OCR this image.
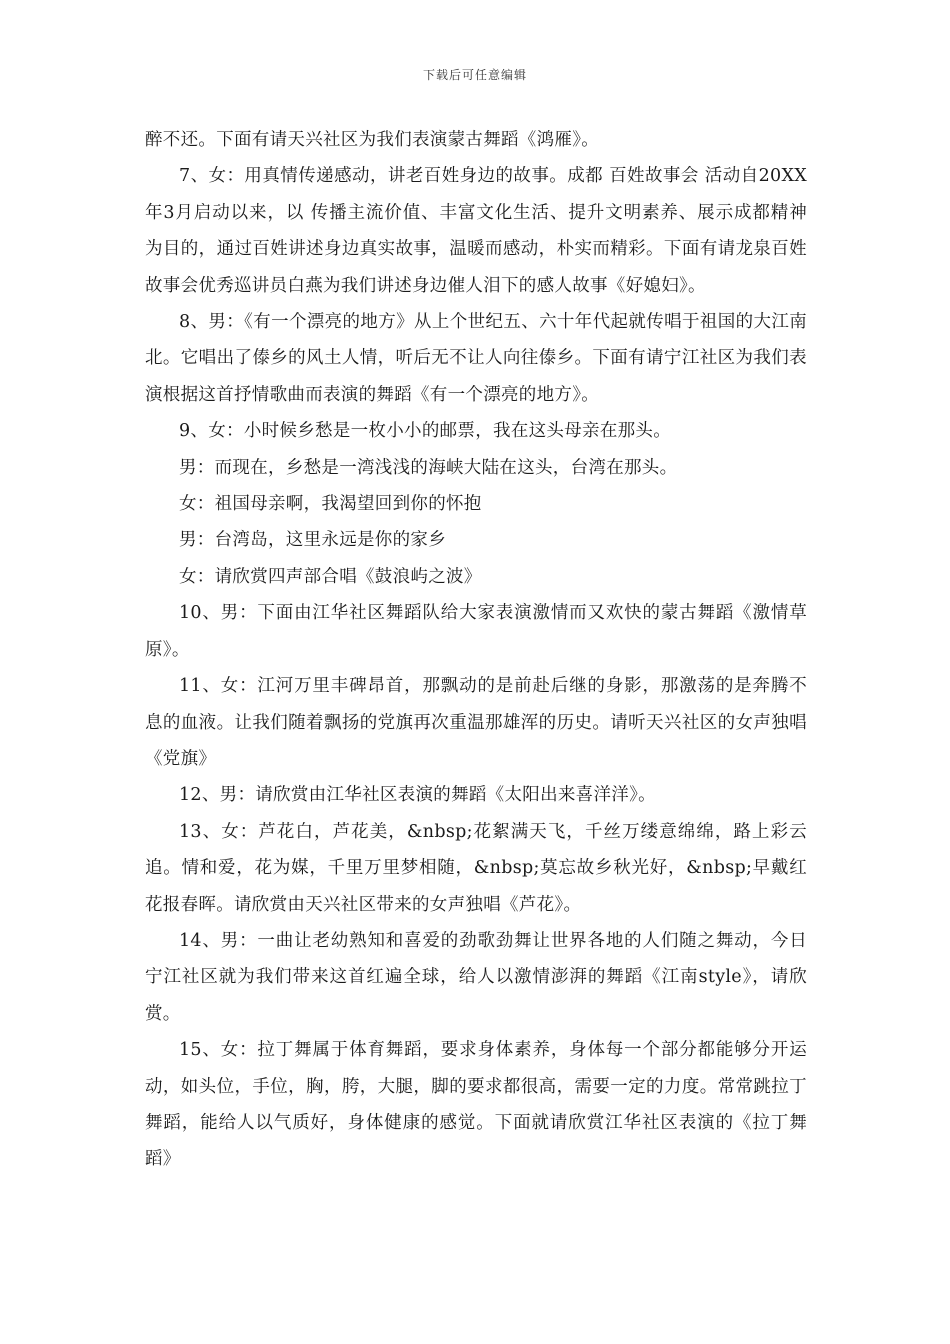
下载后可任意编辑

醉不还。下面有请天兴社区为我们表演蒙古舞蹈《鸿雁》。

7、女：用真情传递感动，讲老百姓身边的故事。成都 百姓故事会 活动自20XX年3月启动以来，以 传播主流价值、丰富文化生活、提升文明素养、展示成都精神 为目的，通过百姓讲述身边真实故事，温暖而感动，朴实而精彩。下面有请龙泉百姓故事会优秀巡讲员白燕为我们讲述身边催人泪下的感人故事《好媳妇》。

8、男：《有一个漂亮的地方》从上个世纪五、六十年代起就传唱于祖国的大江南北。它唱出了傣乡的风土人情，听后无不让人向往傣乡。下面有请宁江社区为我们表演根据这首抒情歌曲而表演的舞蹈《有一个漂亮的地方》。

9、女：小时候乡愁是一枚小小的邮票，我在这头母亲在那头。

男：而现在，乡愁是一湾浅浅的海峡大陆在这头，台湾在那头。

女：祖国母亲啊，我渴望回到你的怀抱

男：台湾岛，这里永远是你的家乡

女：请欣赏四声部合唱《鼓浪屿之波》

10、男：下面由江华社区舞蹈队给大家表演激情而又欢快的蒙古舞蹈《激情草原》。

11、女：江河万里丰碑昂首，那飘动的是前赴后继的身影，那激荡的是奔腾不息的血液。让我们随着飘扬的党旗再次重温那雄浑的历史。请听天兴社区的女声独唱《党旗》

12、男：请欣赏由江华社区表演的舞蹈《太阳出来喜洋洋》。

13、女：芦花白，芦花美，&nbsp;花絮满天飞，千丝万缕意绵绵，路上彩云追。情和爱，花为媒，千里万里梦相随，&nbsp;莫忘故乡秋光好，&nbsp;早戴红花报春晖。请欣赏由天兴社区带来的女声独唱《芦花》。

14、男：一曲让老幼熟知和喜爱的劲歌劲舞让世界各地的人们随之舞动，今日宁江社区就为我们带来这首红遍全球，给人以激情澎湃的舞蹈《江南style》，请欣赏。

15、女：拉丁舞属于体育舞蹈，要求身体素养，身体每一个部分都能够分开运动，如头位，手位，胸，胯，大腿，脚的要求都很高，需要一定的力度。常常跳拉丁舞蹈，能给人以气质好，身体健康的感觉。下面就请欣赏江华社区表演的《拉丁舞蹈》
